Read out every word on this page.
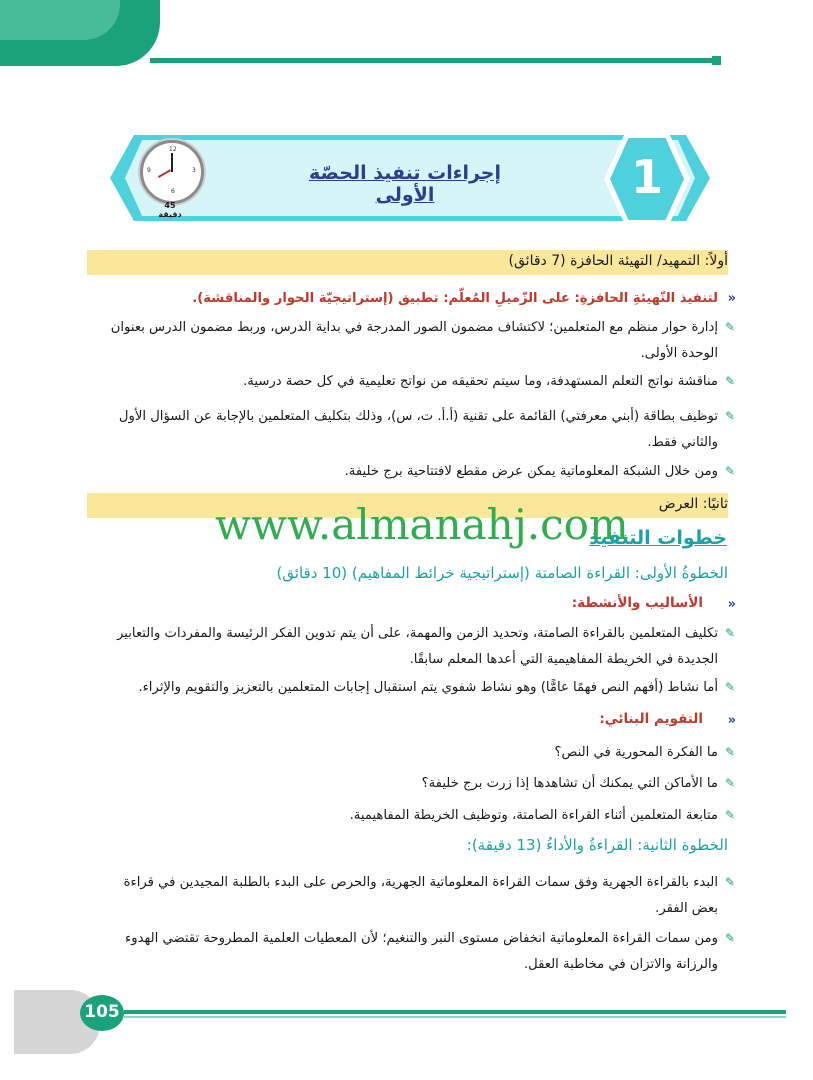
1
إجراءات تنفيذ الحصّة الأولى
12
3
6
9
45
دقيقة
أولاً: التمهيد/ التهيئة الحافزة (7 دقائق)
»
لتنفيذ التّهيئةِ الحافزةِ: على الزّميلِ المُعلّم: تطبيق (إستراتيجيّة الحوار والمناقشة).
✎
إدارة حوار منظم مع المتعلمين؛ لاكتشاف مضمون الصور المدرجة في بداية الدرس، وربط مضمون الدرس بعنوان
الوحدة الأولى.
✎
مناقشة نواتج التعلم المستهدفة، وما سيتم تحقيقه من نواتج تعليمية في كل حصة درسية.
✎
توظيف بطاقة (أبني معرفتي) القائمة على تقنية (أ.أ. ت، س)، وذلك بتكليف المتعلمين بالإجابة عن السؤال الأول
والثاني فقط.
✎
ومن خلال الشبكة المعلوماتية يمكن عرض مقطع لافتتاحية برج خليفة.
ثانيًا: العرض
www.almanahj.com
خطوات التنفيذ
الخطوةُ الأولى: القراءة الصامتة (إستراتيجية خرائط المفاهيم) (10 دقائق)
»
الأساليب والأنشطة:
✎
تكليف المتعلمين بالقراءة الصامتة، وتحديد الزمن والمهمة، على أن يتم تدوين الفكر الرئيسة والمفردات والتعابير
الجديدة في الخريطة المفاهيمية التي أعدها المعلم سابقًا.
✎
أما نشاط (أفهم النص فهمًا عامًّا) وهو نشاط شفوي يتم استقبال إجابات المتعلمين بالتعزيز والتقويم والإثراء.
»
التقويم البنائي:
✎
ما الفكرة المحورية في النص؟
✎
ما الأماكن التي يمكنك أن تشاهدها إذا زرت برج خليفة؟
✎
متابعة المتعلمين أثناء القراءة الصامتة، وتوظيف الخريطة المفاهيمية.
الخطوة الثانية: القراءةُ والأداءُ (13 دقيقة):
✎
البدء بالقراءة الجهرية وفق سمات القراءة المعلوماتية الجهرية، والحرص على البدء بالطلبة المجيدين في قراءة
بعض الفقر.
✎
ومن سمات القراءة المعلوماتية انخفاض مستوى النبر والتنغيم؛ لأن المعطيات العلمية المطروحة تقتضي الهدوء
والرزانة والاتزان في مخاطبة العقل.
105
